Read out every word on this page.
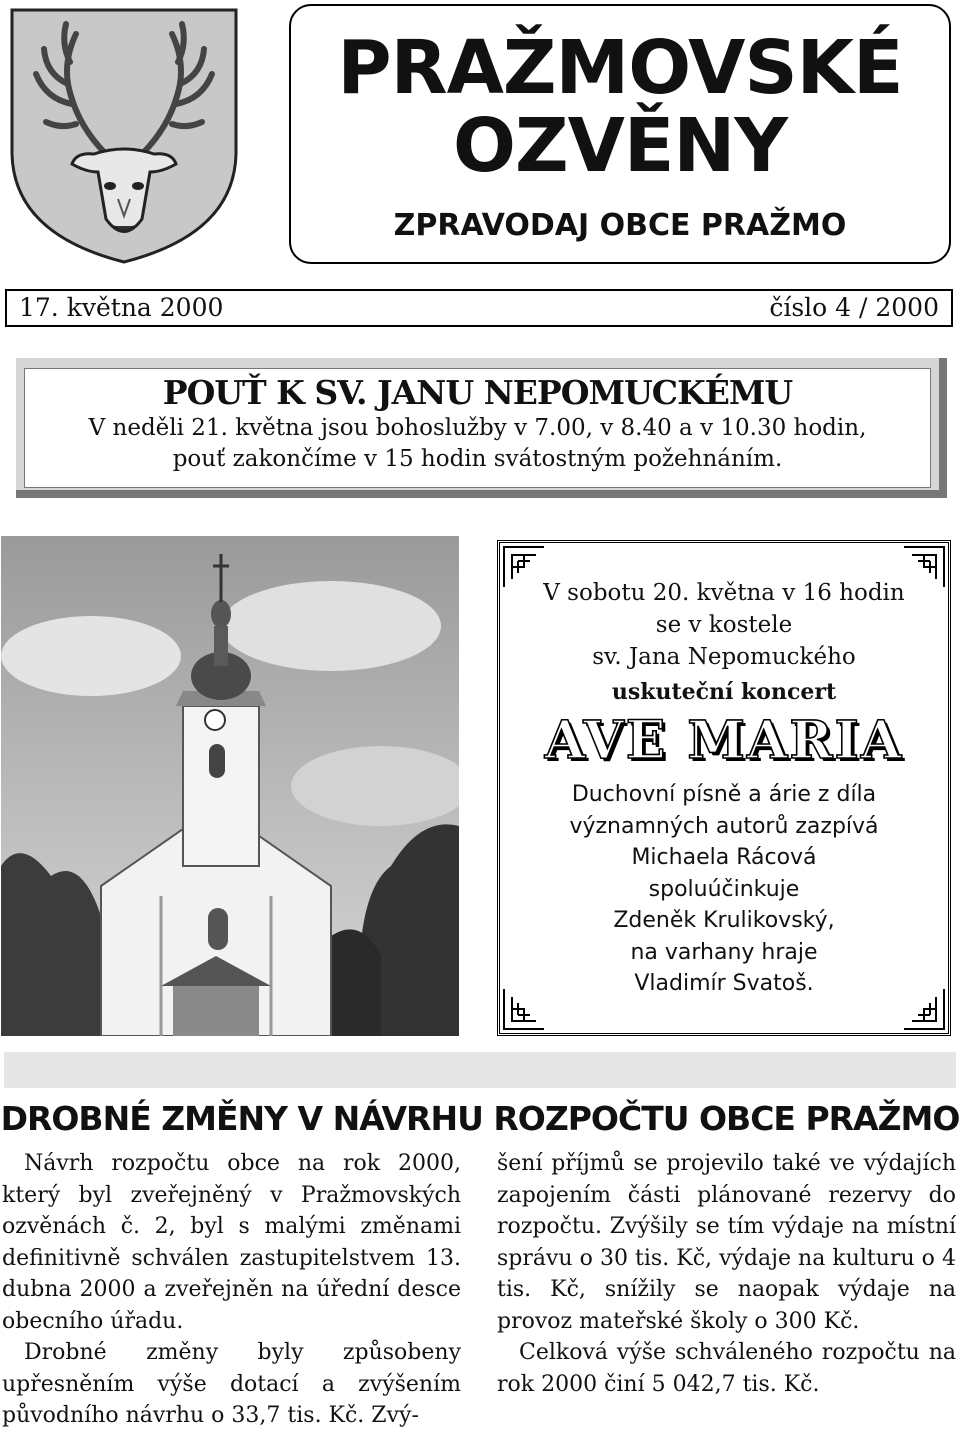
PRAŽMOVSKÉ
OZVĚNY
ZPRAVODAJ OBCE PRAŽMO
17. května 2000	číslo 4 / 2000
POUŤ K SV. JANU NEPOMUCKÉMU
V neděli 21. května jsou bohoslužby v 7.00, v 8.40 a v 10.30 hodin,
pouť zakončíme v 15 hodin svátostným požehnáním.
V sobotu 20. května v 16 hodin
se v kostele
sv. Jana Nepomuckého
uskuteční koncert
AVE MARIA
Duchovní písně a árie z díla
významných autorů zazpívá
Michaela Rácová
spoluúčinkuje
Zdeněk Krulikovský,
na varhany hraje
Vladimír Svatoš.
DROBNÉ ZMĚNY V NÁVRHU ROZPOČTU OBCE PRAŽMO

Návrh rozpočtu obce na rok 2000, který byl zveřejněný v Pražmovských ozvěnách č. 2, byl s malými změnami definitivně schválen zastupitelstvem 13. dubna 2000 a zveřejněn na úřední desce obecního úřadu.

Drobné změny byly způsobeny upřesněním výše dotací a zvýšením původního návrhu o 33,7 tis. Kč. Zvý-

šení příjmů se projevilo také ve výdajích zapojením části plánované rezervy do rozpočtu. Zvýšily se tím výdaje na místní správu o 30 tis. Kč, výdaje na kulturu o 4 tis. Kč, snížily se naopak výdaje na provoz mateřské školy o 300 Kč.

Celková výše schváleného rozpočtu na rok 2000 činí 5 042,7 tis. Kč.
